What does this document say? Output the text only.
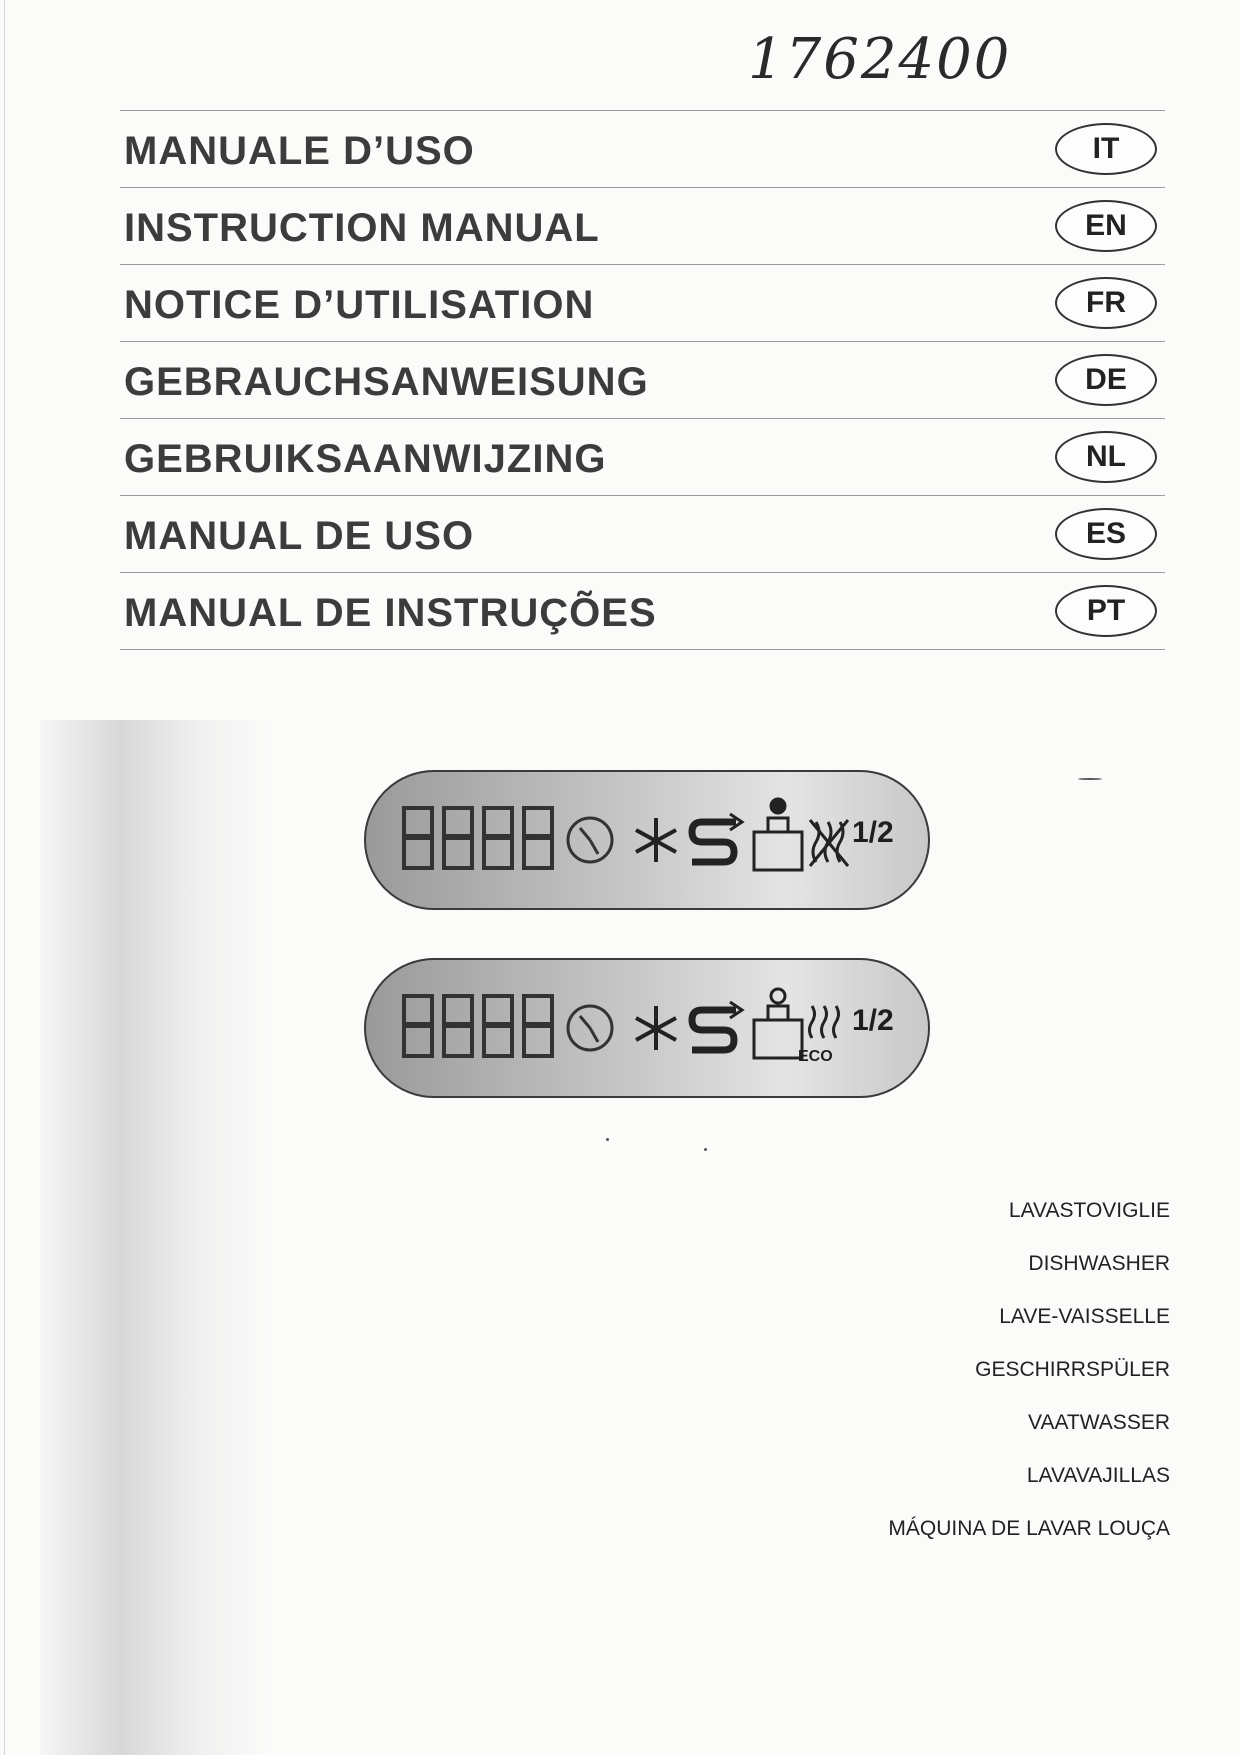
1762400
MANUALE D’USO	IT
INSTRUCTION MANUAL	EN
NOTICE D’UTILISATION	FR
GEBRAUCHSANWEISUNG	DE
GEBRUIKSAANWIJZING	NL
MANUAL DE USO	ES
MANUAL DE INSTRUÇÕES	PT
1/2
ECO
1/2
LAVASTOVIGLIE
DISHWASHER
LAVE-VAISSELLE
GESCHIRRSPÜLER
VAATWASSER
LAVAVAJILLAS
MÁQUINA DE LAVAR LOUÇA
